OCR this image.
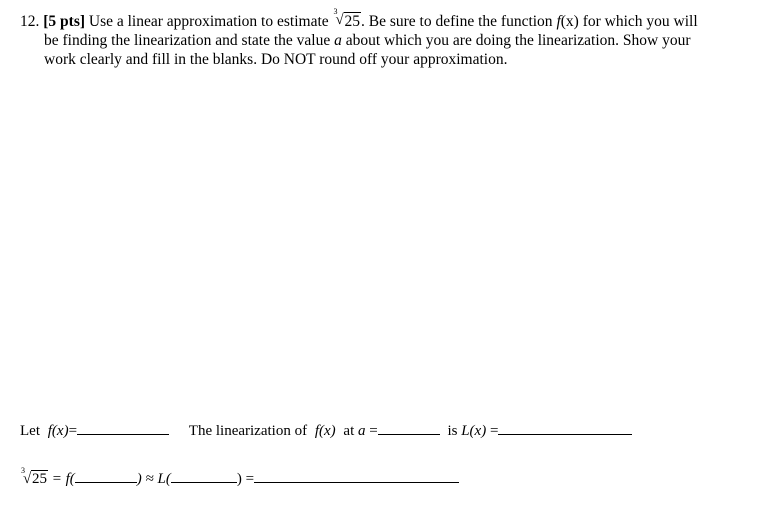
12. [5 pts] Use a linear approximation to estimate
3
√ 25. Be sure to define the function f(x) for which you will
be finding the linearization and state the value a about which you are doing the linearization. Show your
work clearly and fill in the blanks. Do NOT round off your approximation.
Let f(x)=	The linearization of f(x) at a =	is L(x) =
3
√ 25 = f(	) ≈ L(	) =
